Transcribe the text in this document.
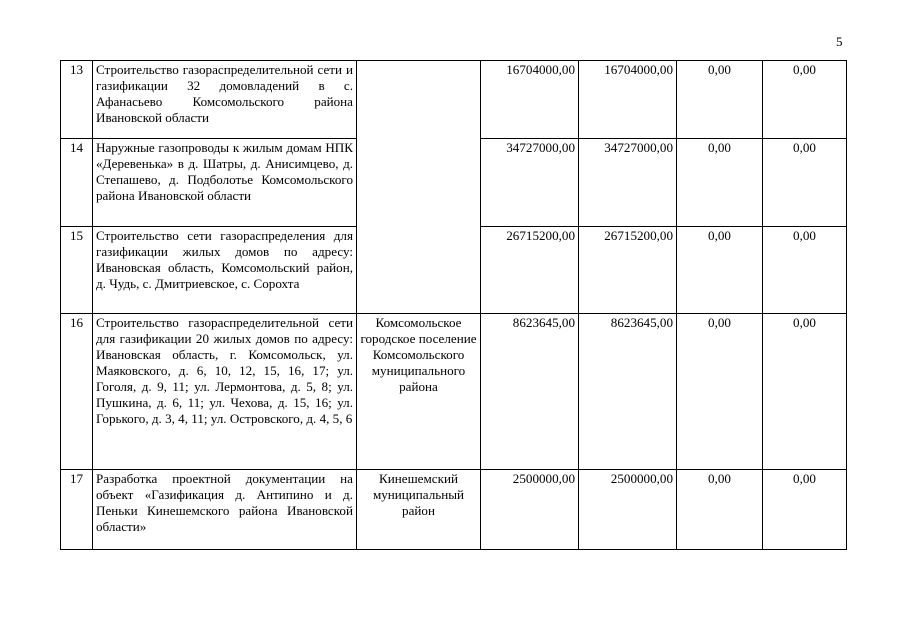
5
13	Строительство газораспределительной сети и газификации 32 домовладений в с. Афанасьево Комсомольского района Ивановской области		16704000,00	16704000,00	0,00	0,00
14	Наружные газопроводы к жилым домам НПК «Деревенька» в д. Шатры, д. Анисимцево, д. Степашево, д. Подболотье Комсомольского района Ивановской области		34727000,00	34727000,00	0,00	0,00
15	Строительство сети газораспределения для газификации жилых домов по адресу: Ивановская область, Комсомольский район, д. Чудь, с. Дмитриевское, с. Сорохта		26715200,00	26715200,00	0,00	0,00
16	Строительство газораспределительной сети для газификации 20 жилых домов по адресу: Ивановская область, г. Комсомольск, ул. Маяковского, д. 6, 10, 12, 15, 16, 17; ул. Гоголя, д. 9, 11; ул. Лермонтова, д. 5, 8; ул. Пушкина, д. 6, 11; ул. Чехова, д. 15, 16; ул. Горького, д. 3, 4, 11; ул. Островского, д. 4, 5, 6	Комсомольское городское поселение Комсомольского муниципального района	8623645,00	8623645,00	0,00	0,00
17	Разработка проектной документации на объект «Газификация д. Антипино и д. Пеньки Кинешемского района Ивановской области»	Кинешемский муниципальный район	2500000,00	2500000,00	0,00	0,00
